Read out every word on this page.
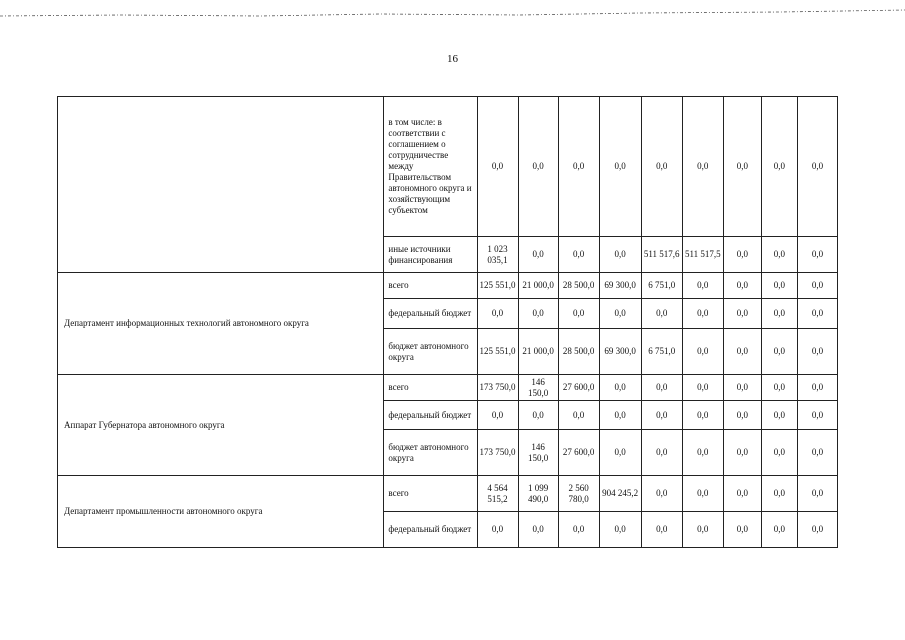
16
	в том числе: в соответствии с соглашением о сотрудничестве между Правительством автономного округа и хозяйствующим субъектом	0,0	0,0	0,0	0,0	0,0	0,0	0,0	0,0	0,0
	иные источники финансирования	1 023 035,1	0,0	0,0	0,0	511 517,6	511 517,5	0,0	0,0	0,0
Департамент информационных технологий автономного округа	всего	125 551,0	21 000,0	28 500,0	69 300,0	6 751,0	0,0	0,0	0,0	0,0
	федеральный бюджет	0,0	0,0	0,0	0,0	0,0	0,0	0,0	0,0	0,0
	бюджет автономного округа	125 551,0	21 000,0	28 500,0	69 300,0	6 751,0	0,0	0,0	0,0	0,0
Аппарат Губернатора автономного округа	всего	173 750,0	146 150,0	27 600,0	0,0	0,0	0,0	0,0	0,0	0,0
	федеральный бюджет	0,0	0,0	0,0	0,0	0,0	0,0	0,0	0,0	0,0
	бюджет автономного округа	173 750,0	146 150,0	27 600,0	0,0	0,0	0,0	0,0	0,0	0,0
Департамент промышленности автономного округа	всего	4 564 515,2	1 099 490,0	2 560 780,0	904 245,2	0,0	0,0	0,0	0,0	0,0
	федеральный бюджет	0,0	0,0	0,0	0,0	0,0	0,0	0,0	0,0	0,0
